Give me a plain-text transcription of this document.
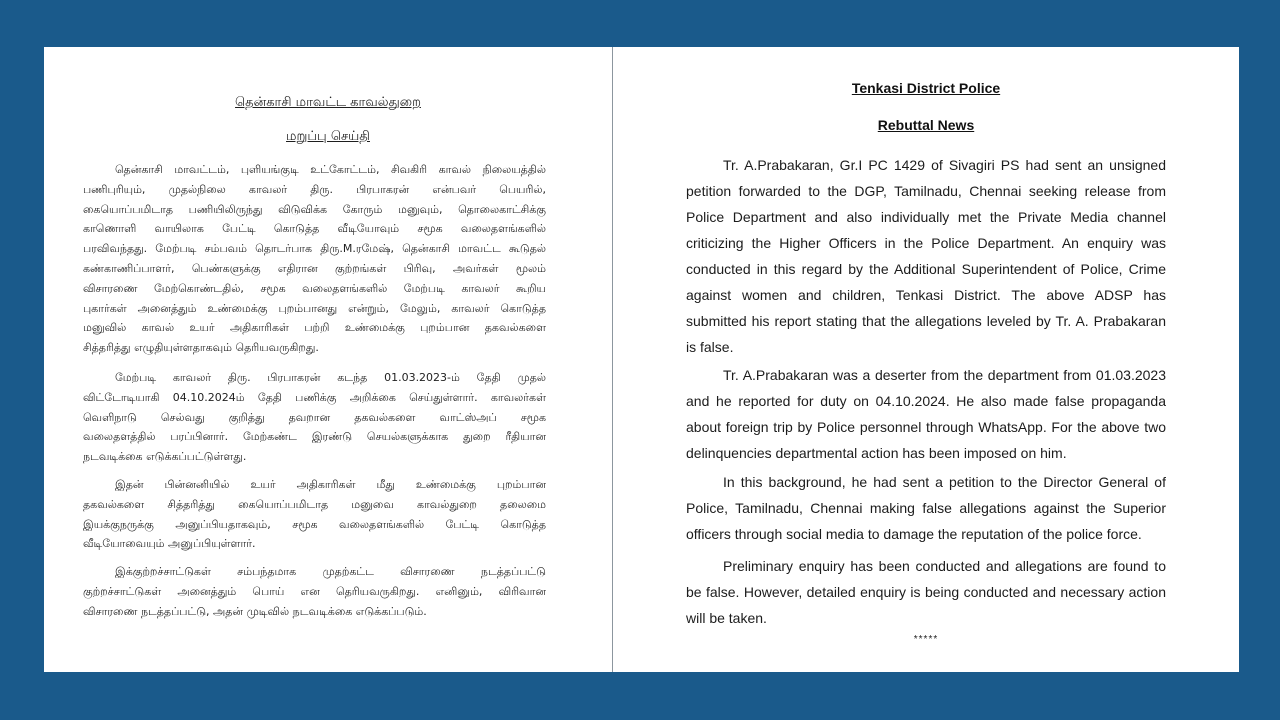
தென்காசி மாவட்ட காவல்துறை
மறுப்பு செய்தி
தென்காசி மாவட்டம், புளியங்குடி உட்கோட்டம், சிவகிரி காவல் நிலையத்தில்
பணிபுரியும், முதல்நிலை காவலர் திரு. பிரபாகரன் என்பவர் பெயரில்,
கையொப்பமிடாத பணியிலிருந்து விடுவிக்க கோரும் மனுவும், தொலைகாட்சிக்கு
காணொளி வாயிலாக பேட்டி கொடுத்த வீடியோவும் சமூக வலைதளங்களில்
பரவிவந்தது. மேற்படி சம்பவம் தொடர்பாக திரு.M.ரமேஷ், தென்காசி மாவட்ட கூடுதல்
கண்காணிப்பாளர், பெண்களுக்கு எதிரான குற்றங்கள் பிரிவு, அவர்கள் மூலம்
விசாரணை மேற்கொண்டதில், சமூக வலைதளங்களில் மேற்படி காவலர் கூறிய
புகார்கள் அனைத்தும் உண்மைக்கு புறம்பானது என்றும், மேலும், காவலர் கொடுத்த
மனுவில் காவல் உயர் அதிகாரிகள் பற்றி உண்மைக்கு புறம்பான தகவல்களை
சித்தரித்து எழுதியுள்ளதாகவும் தெரியவருகிறது.
மேற்படி காவலர் திரு. பிரபாகரன் கடந்த 01.03.2023-ம் தேதி முதல்
விட்டோடியாகி 04.10.2024ம் தேதி பணிக்கு அறிக்கை செய்துள்ளார். காவலர்கள்
வெளிநாடு செல்வது குறித்து தவறான தகவல்களை வாட்ஸ்அப் சமூக
வலைதளத்தில் பரப்பினார். மேற்கண்ட இரண்டு செயல்களுக்காக துறை ரீதியான
நடவடிக்கை எடுக்கப்பட்டுள்ளது.
இதன் பின்னனியில் உயர் அதிகாரிகள் மீது உண்மைக்கு புறம்பான
தகவல்களை சித்தரித்து கையொப்பமிடாத மனுவை காவல்துறை தலைமை
இயக்குநருக்கு அனுப்பியதாகவும், சமூக வலைதளங்களில் பேட்டி கொடுத்த
வீடியோவையும் அனுப்பியுள்ளார்.
இக்குற்றச்சாட்டுகள் சம்பந்தமாக முதற்கட்ட விசாரணை நடத்தப்பட்டு
குற்றச்சாட்டுகள் அனைத்தும் பொய் என தெரியவருகிறது. எனினும், விரிவான
விசாரணை நடத்தப்பட்டு, அதன் முடிவில் நடவடிக்கை எடுக்கப்படும்.
Tenkasi District Police
Rebuttal News
Tr. A.Prabakaran, Gr.I PC 1429 of Sivagiri PS had sent an unsigned
petition forwarded to the DGP, Tamilnadu, Chennai seeking release from
Police Department and also individually met the Private Media channel
criticizing the Higher Officers in the Police Department. An enquiry was
conducted in this regard by the Additional Superintendent of Police, Crime
against women and children, Tenkasi District. The above ADSP has
submitted his report stating that the allegations leveled by Tr. A. Prabakaran
is false.
Tr. A.Prabakaran was a deserter from the department from 01.03.2023
and he reported for duty on 04.10.2024. He also made false propaganda
about foreign trip by Police personnel through WhatsApp. For the above two
delinquencies departmental action has been imposed on him.
In this background, he had sent a petition to the Director General of
Police, Tamilnadu, Chennai making false allegations against the Superior
officers through social media to damage the reputation of the police force.
Preliminary enquiry has been conducted and allegations are found to
be false. However, detailed enquiry is being conducted and necessary action
will be taken.
*****
